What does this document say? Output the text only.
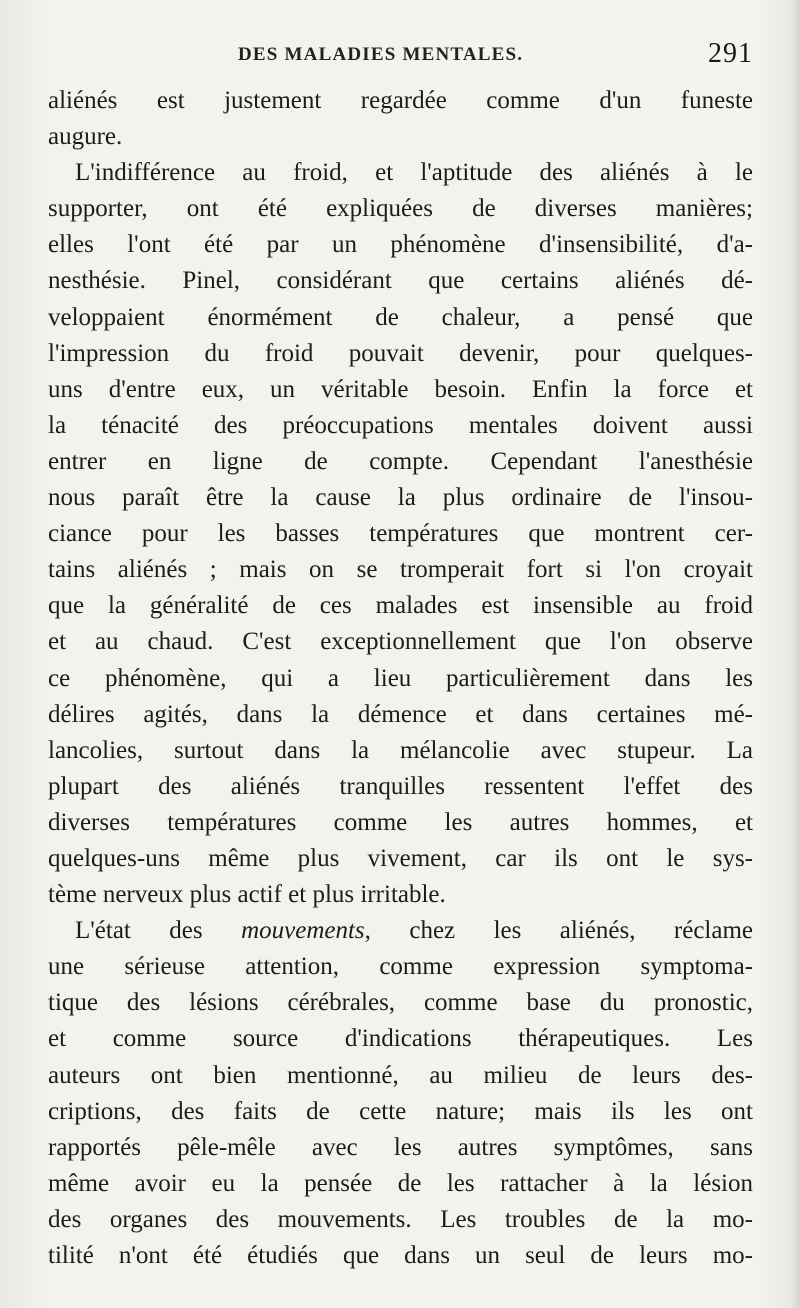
DES MALADIES MENTALES.	291
aliénés est justement regardée comme d'un funeste
augure.
L'indifférence au froid, et l'aptitude des aliénés à le
supporter, ont été expliquées de diverses manières;
elles l'ont été par un phénomène d'insensibilité, d'a-
nesthésie. Pinel, considérant que certains aliénés dé-
veloppaient énormément de chaleur, a pensé que
l'impression du froid pouvait devenir, pour quelques-
uns d'entre eux, un véritable besoin. Enfin la force et
la ténacité des préoccupations mentales doivent aussi
entrer en ligne de compte. Cependant l'anesthésie
nous paraît être la cause la plus ordinaire de l'insou-
ciance pour les basses températures que montrent cer-
tains aliénés ; mais on se tromperait fort si l'on croyait
que la généralité de ces malades est insensible au froid
et au chaud. C'est exceptionnellement que l'on observe
ce phénomène, qui a lieu particulièrement dans les
délires agités, dans la démence et dans certaines mé-
lancolies, surtout dans la mélancolie avec stupeur. La
plupart des aliénés tranquilles ressentent l'effet des
diverses températures comme les autres hommes, et
quelques-uns même plus vivement, car ils ont le sys-
tème nerveux plus actif et plus irritable.
L'état des mouvements, chez les aliénés, réclame
une sérieuse attention, comme expression symptoma-
tique des lésions cérébrales, comme base du pronostic,
et comme source d'indications thérapeutiques. Les
auteurs ont bien mentionné, au milieu de leurs des-
criptions, des faits de cette nature; mais ils les ont
rapportés pêle-mêle avec les autres symptômes, sans
même avoir eu la pensée de les rattacher à la lésion
des organes des mouvements. Les troubles de la mo-
tilité n'ont été étudiés que dans un seul de leurs mo-
